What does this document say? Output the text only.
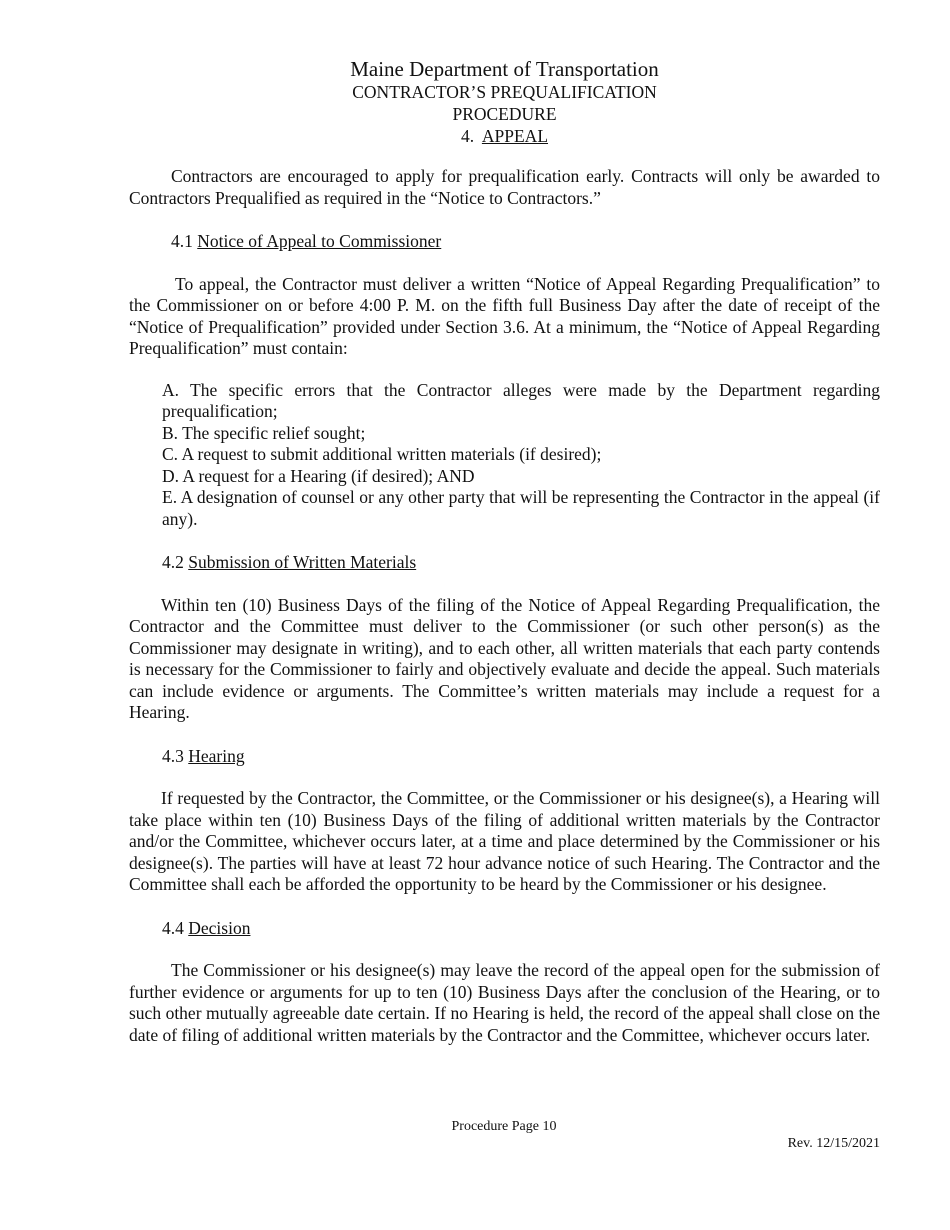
Maine Department of Transportation
CONTRACTOR’S PREQUALIFICATION
PROCEDURE
4. APPEAL

Contractors are encouraged to apply for prequalification early. Contracts will only be awarded to Contractors Prequalified as required in the “Notice to Contractors.”

4.1 Notice of Appeal to Commissioner

To appeal, the Contractor must deliver a written “Notice of Appeal Regarding Prequalification” to the Commissioner on or before 4:00 P. M. on the fifth full Business Day after the date of receipt of the “Notice of Prequalification” provided under Section 3.6. At a minimum, the “Notice of Appeal Regarding Prequalification” must contain:

A. The specific errors that the Contractor alleges were made by the Department regarding prequalification;

B. The specific relief sought;

C. A request to submit additional written materials (if desired);

D. A request for a Hearing (if desired); AND

E. A designation of counsel or any other party that will be representing the Contractor in the appeal (if any).

4.2 Submission of Written Materials

Within ten (10) Business Days of the filing of the Notice of Appeal Regarding Prequalification, the Contractor and the Committee must deliver to the Commissioner (or such other person(s) as the Commissioner may designate in writing), and to each other, all written materials that each party contends is necessary for the Commissioner to fairly and objectively evaluate and decide the appeal. Such materials can include evidence or arguments. The Committee’s written materials may include a request for a Hearing.

4.3 Hearing

If requested by the Contractor, the Committee, or the Commissioner or his designee(s), a Hearing will take place within ten (10) Business Days of the filing of additional written materials by the Contractor and/or the Committee, whichever occurs later, at a time and place determined by the Commissioner or his designee(s). The parties will have at least 72 hour advance notice of such Hearing. The Contractor and the Committee shall each be afforded the opportunity to be heard by the Commissioner or his designee.

4.4 Decision

The Commissioner or his designee(s) may leave the record of the appeal open for the submission of further evidence or arguments for up to ten (10) Business Days after the conclusion of the Hearing, or to such other mutually agreeable date certain. If no Hearing is held, the record of the appeal shall close on the date of filing of additional written materials by the Contractor and the Committee, whichever occurs later.

Procedure Page 10
Rev. 12/15/2021
